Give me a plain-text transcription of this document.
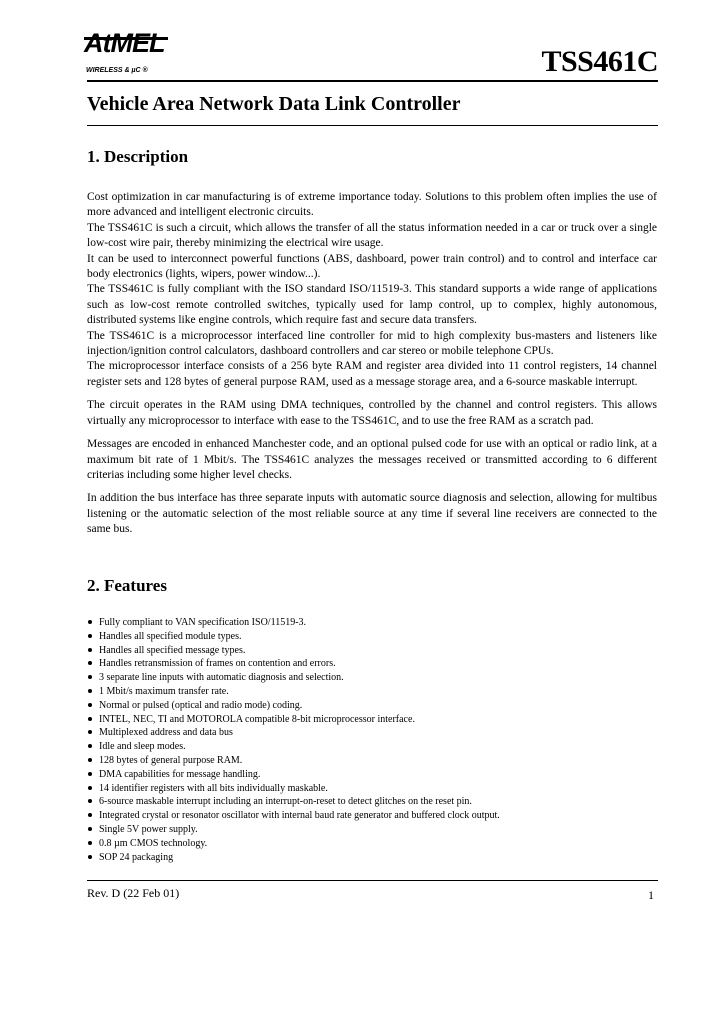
AtMEL
WIRELESS & µC ®	TSS461C
Vehicle Area Network Data Link Controller
1. Description

Cost optimization in car manufacturing is of extreme importance today. Solutions to this problem often implies the use of more advanced and intelligent electronic circuits.

The TSS461C is such a circuit, which allows the transfer of all the status information needed in a car or truck over a single low-cost wire pair, thereby minimizing the electrical wire usage.

It can be used to interconnect powerful functions (ABS, dashboard, power train control) and to control and interface car body electronics (lights, wipers, power window...).

The TSS461C is fully compliant with the ISO standard ISO/11519-3. This standard supports a wide range of applications such as low-cost remote controlled switches, typically used for lamp control, up to complex, highly autonomous, distributed systems like engine controls, which require fast and secure data transfers.

The TSS461C is a microprocessor interfaced line controller for mid to high complexity bus-masters and listeners like injection/ignition control calculators, dashboard controllers and car stereo or mobile telephone CPUs.

The microprocessor interface consists of a 256 byte RAM and register area divided into 11 control registers, 14 channel register sets and 128 bytes of general purpose RAM, used as a message storage area, and a 6-source maskable interrupt.

The circuit operates in the RAM using DMA techniques, controlled by the channel and control registers. This allows virtually any microprocessor to interface with ease to the TSS461C, and to use the free RAM as a scratch pad.

Messages are encoded in enhanced Manchester code, and an optional pulsed code for use with an optical or radio link, at a maximum bit rate of 1 Mbit/s. The TSS461C analyzes the messages received or transmitted according to 6 different criterias including some higher level checks.

In addition the bus interface has three separate inputs with automatic source diagnosis and selection, allowing for multibus listening or the automatic selection of the most reliable source at any time if several line receivers are connected to the same bus.

2. Features
Fully compliant to VAN specification ISO/11519-3.
Handles all specified module types.
Handles all specified message types.
Handles retransmission of frames on contention and errors.
3 separate line inputs with automatic diagnosis and selection.
1 Mbit/s maximum transfer rate.
Normal or pulsed (optical and radio mode) coding.
INTEL, NEC, TI and MOTOROLA compatible 8-bit microprocessor interface.
Multiplexed address and data bus
Idle and sleep modes.
128 bytes of general purpose RAM.
DMA capabilities for message handling.
14 identifier registers with all bits individually maskable.
6-source maskable interrupt including an interrupt-on-reset to detect glitches on the reset pin.
Integrated crystal or resonator oscillator with internal baud rate generator and buffered clock output.
Single 5V power supply.
0.8 µm CMOS technology.
SOP 24 packaging
Rev. D (22 Feb 01)	1
